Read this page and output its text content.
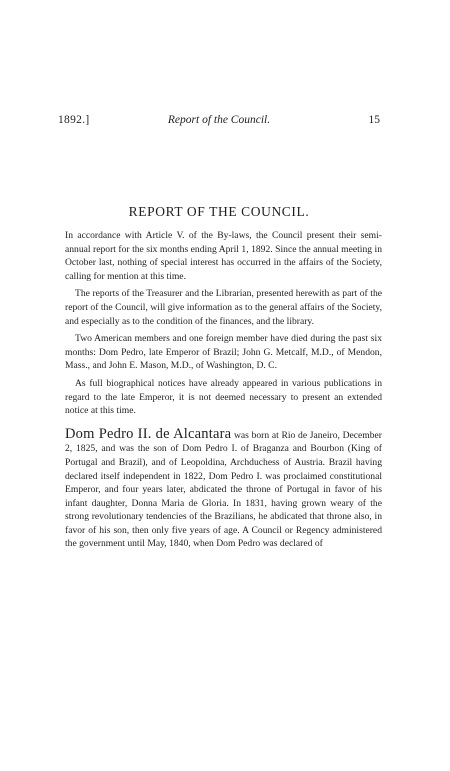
1892.]	Report of the Council.	15
REPORT OF THE COUNCIL.

In accordance with Article V. of the By-laws, the Council present their semi-annual report for the six months ending April 1, 1892. Since the annual meeting in October last, nothing of special interest has occurred in the affairs of the Society, calling for mention at this time.

The reports of the Treasurer and the Librarian, presented herewith as part of the report of the Council, will give information as to the general affairs of the Society, and especially as to the condition of the finances, and the library.

Two American members and one foreign member have died during the past six months: Dom Pedro, late Emperor of Brazil; John G. Metcalf, M.D., of Mendon, Mass., and John E. Mason, M.D., of Washington, D. C.

As full biographical notices have already appeared in various publications in regard to the late Emperor, it is not deemed necessary to present an extended notice at this time.

Dom Pedro II. de Alcantara was born at Rio de Janeiro, December 2, 1825, and was the son of Dom Pedro I. of Braganza and Bourbon (King of Portugal and Brazil), and of Leopoldina, Archduchess of Austria. Brazil having declared itself independent in 1822, Dom Pedro I. was proclaimed constitutional Emperor, and four years later, abdicated the throne of Portugal in favor of his infant daughter, Donna Maria de Gloria. In 1831, having grown weary of the strong revolutionary tendencies of the Brazilians, he abdicated that throne also, in favor of his son, then only five years of age. A Council or Regency administered the government until May, 1840, when Dom Pedro was declared of
